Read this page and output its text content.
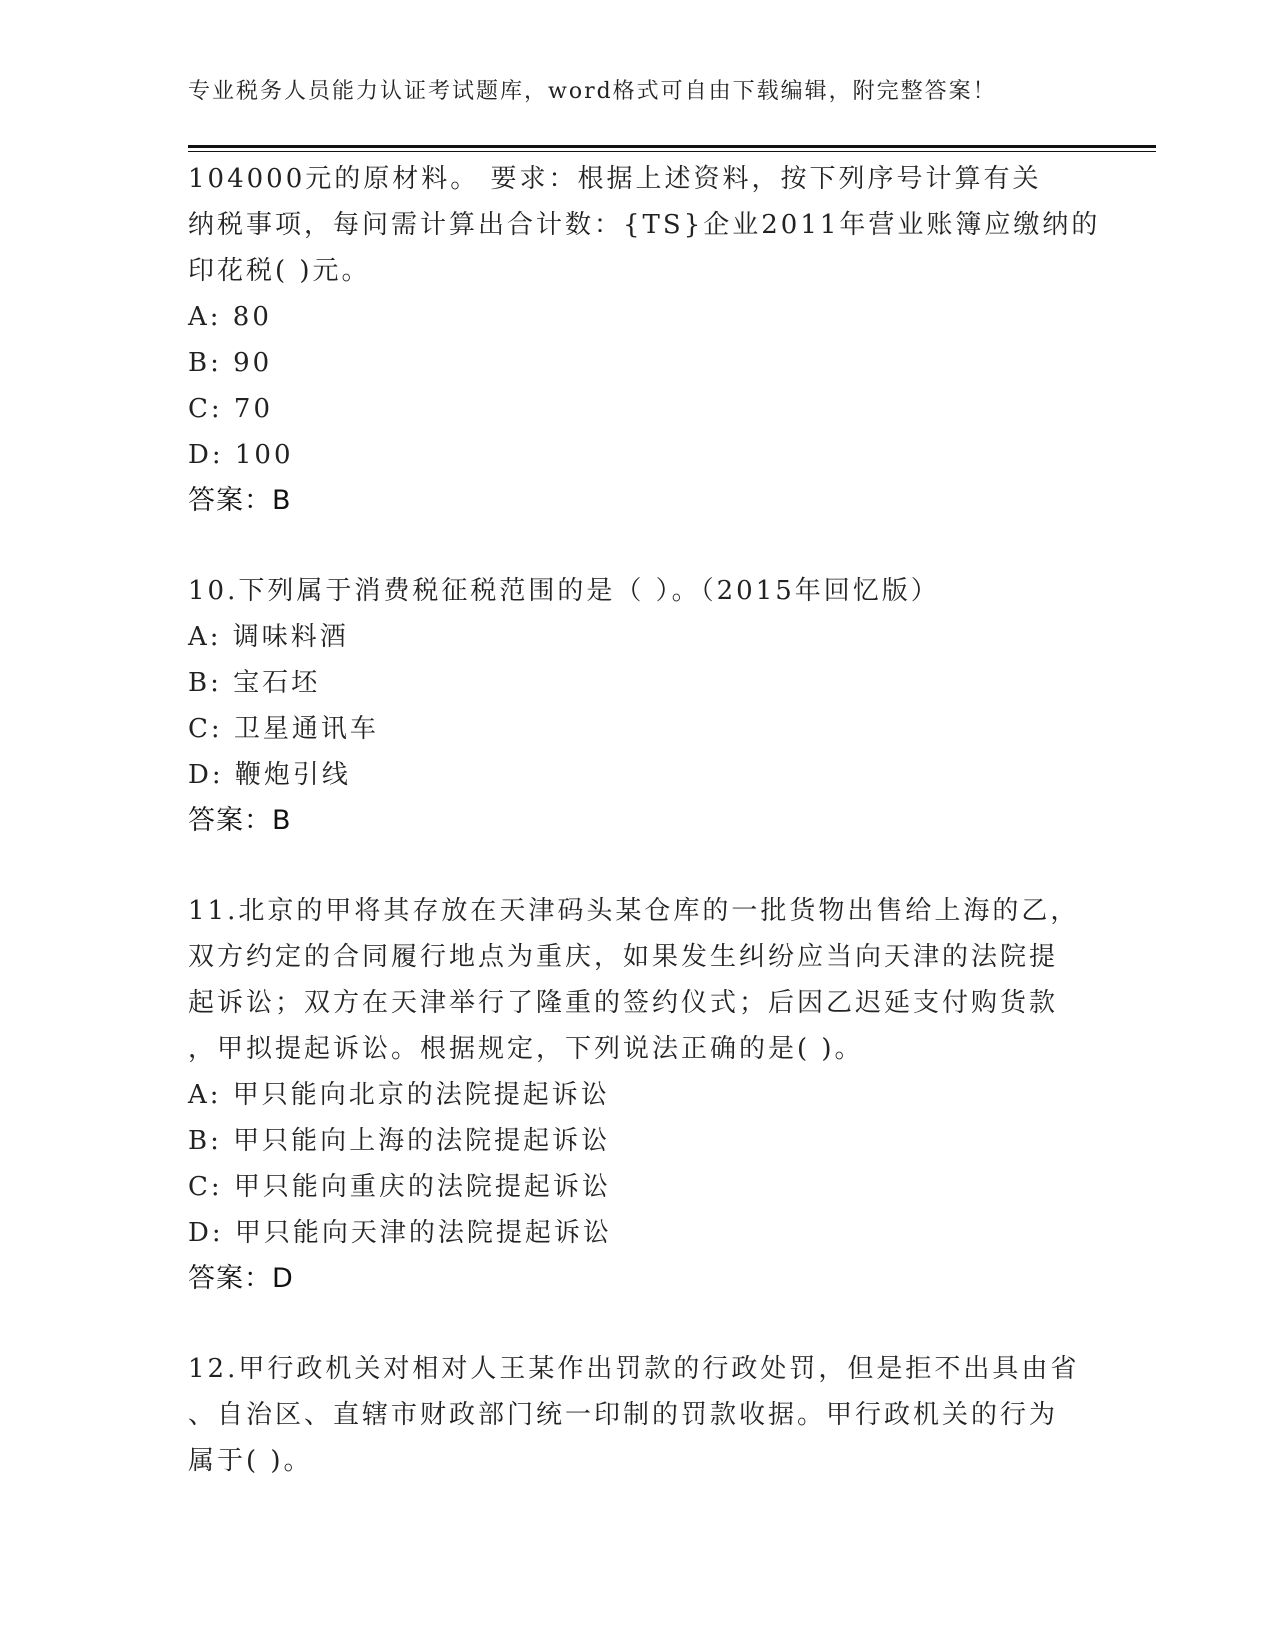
专业税务人员能力认证考试题库，word格式可自由下载编辑，附完整答案！
104000元的原材料。 要求：根据上述资料，按下列序号计算有关
纳税事项，每问需计算出合计数：{TS}企业2011年营业账簿应缴纳的
印花税( )元。
A: 80
B: 90
C: 70
D: 100
答案：B
10.下列属于消费税征税范围的是（ ）。（2015年回忆版）
A: 调味料酒
B: 宝石坯
C: 卫星通讯车
D: 鞭炮引线
答案：B
11.北京的甲将其存放在天津码头某仓库的一批货物出售给上海的乙，
双方约定的合同履行地点为重庆，如果发生纠纷应当向天津的法院提
起诉讼；双方在天津举行了隆重的签约仪式；后因乙迟延支付购货款
，甲拟提起诉讼。根据规定，下列说法正确的是( )。
A: 甲只能向北京的法院提起诉讼
B: 甲只能向上海的法院提起诉讼
C: 甲只能向重庆的法院提起诉讼
D: 甲只能向天津的法院提起诉讼
答案：D
12.甲行政机关对相对人王某作出罚款的行政处罚，但是拒不出具由省
、自治区、直辖市财政部门统一印制的罚款收据。甲行政机关的行为
属于( )。
